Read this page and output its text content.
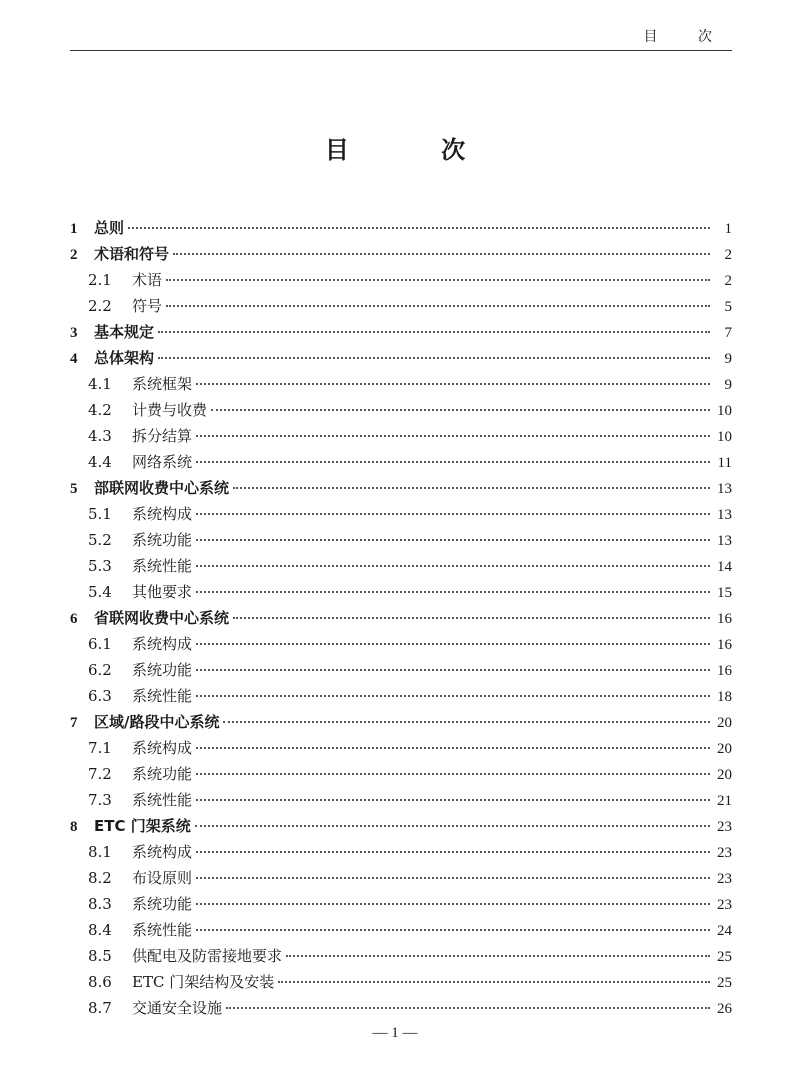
目 次
目 次
1	总则	1
2	术语和符号	2
2.1	术语	2
2.2	符号	5
3	基本规定	7
4	总体架构	9
4.1	系统框架	9
4.2	计费与收费	10
4.3	拆分结算	10
4.4	网络系统	11
5	部联网收费中心系统	13
5.1	系统构成	13
5.2	系统功能	13
5.3	系统性能	14
5.4	其他要求	15
6	省联网收费中心系统	16
6.1	系统构成	16
6.2	系统功能	16
6.3	系统性能	18
7	区域/路段中心系统	20
7.1	系统构成	20
7.2	系统功能	20
7.3	系统性能	21
8	ETC 门架系统	23
8.1	系统构成	23
8.2	布设原则	23
8.3	系统功能	23
8.4	系统性能	24
8.5	供配电及防雷接地要求	25
8.6	ETC 门架结构及安装	25
8.7	交通安全设施	26
— 1 —
